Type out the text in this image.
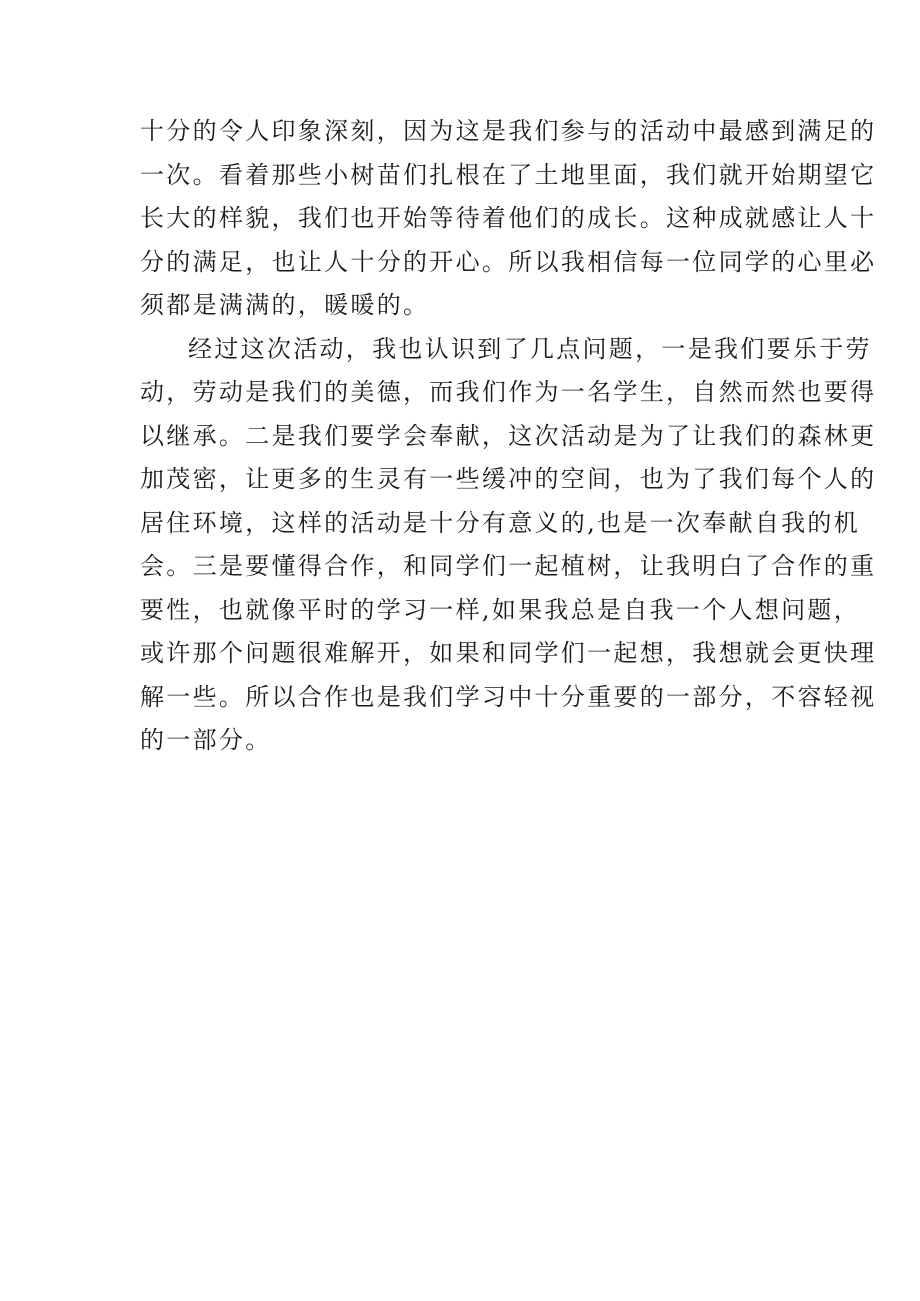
十分的令人印象深刻，因为这是我们参与的活动中最感到满足的
一次。看着那些小树苗们扎根在了土地里面，我们就开始期望它
长大的样貌，我们也开始等待着他们的成长。这种成就感让人十
分的满足，也让人十分的开心。所以我相信每一位同学的心里必
须都是满满的，暖暖的。
经过这次活动，我也认识到了几点问题，一是我们要乐于劳
动，劳动是我们的美德，而我们作为一名学生，自然而然也要得
以继承。二是我们要学会奉献，这次活动是为了让我们的森林更
加茂密，让更多的生灵有一些缓冲的空间，也为了我们每个人的
居住环境，这样的活动是十分有意义的,也是一次奉献自我的机
会。三是要懂得合作，和同学们一起植树，让我明白了合作的重
要性，也就像平时的学习一样,如果我总是自我一个人想问题，
或许那个问题很难解开，如果和同学们一起想，我想就会更快理
解一些。所以合作也是我们学习中十分重要的一部分，不容轻视
的一部分。
